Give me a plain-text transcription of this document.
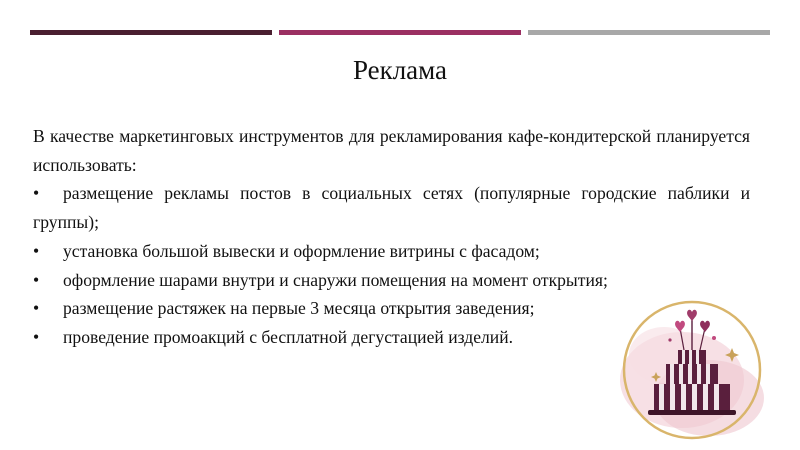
Реклама

В качестве маркетинговых инструментов для рекламирования кафе-кондитерской планируется использовать:

• размещение рекламы постов в социальных сетях (популярные городские паблики и группы);

• установка большой вывески и оформление витрины с фасадом;

• оформление шарами внутри и снаружи помещения на момент открытия;

• размещение растяжек на первые 3 месяца открытия заведения;

• проведение промоакций с бесплатной дегустацией изделий.
